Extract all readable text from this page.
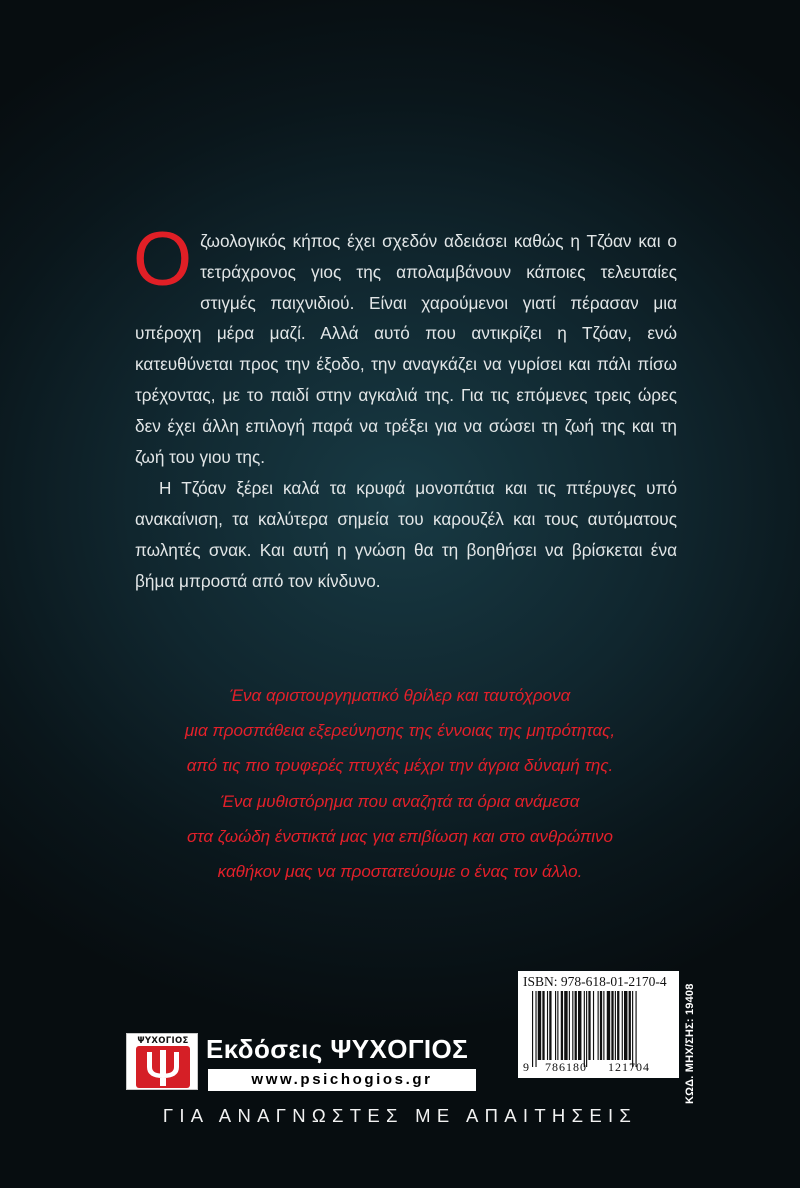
Οζωολογικός κήπος έχει σχεδόν αδειάσει καθώς η Τζόαν και ο τετράχρονος γιος της απολαμβάνουν κάποιες τελευταίες στιγμές παιχνιδιού. Είναι χαρούμενοι γιατί πέρασαν μια υπέροχη μέρα μαζί. Αλλά αυτό που αντικρίζει η Τζόαν, ενώ κατευθύνεται προς την έξοδο, την αναγκάζει να γυρίσει και πάλι πίσω τρέχοντας, με το παιδί στην αγκαλιά της. Για τις επόμενες τρεις ώρες δεν έχει άλλη επιλογή παρά να τρέξει για να σώσει τη ζωή της και τη ζωή του γιου της.

Η Τζόαν ξέρει καλά τα κρυφά μονοπάτια και τις πτέρυγες υπό ανακαίνιση, τα καλύτερα σημεία του καρουζέλ και τους αυτόματους πωλητές σνακ. Και αυτή η γνώση θα τη βοηθήσει να βρίσκεται ένα βήμα μπροστά από τον κίνδυνο.

Ένα αριστουργηματικό θρίλερ και ταυτόχρονα
μια προσπάθεια εξερεύνησης της έννοιας της μητρότητας,
από τις πιο τρυφερές πτυχές μέχρι την άγρια δύναμή της.
Ένα μυθιστόρημα που αναζητά τα όρια ανάμεσα
στα ζωώδη ένστικτά μας για επιβίωση και στο ανθρώπινο
καθήκον μας να προστατεύουμε ο ένας τον άλλο.
ΨΥΧΟΓΙΟΣ Εκδόσεις ΨΥΧΟΓΙΟΣ
www.psichogios.gr
ISBN: 978-618-01-2170-4
9 786180 121704	ΚΩΔ. ΜΗΧ/ΣΗΣ: 19408
ΓΙΑ ΑΝΑΓΝΩΣΤΕΣ ΜΕ ΑΠΑΙΤΗΣΕΙΣ
